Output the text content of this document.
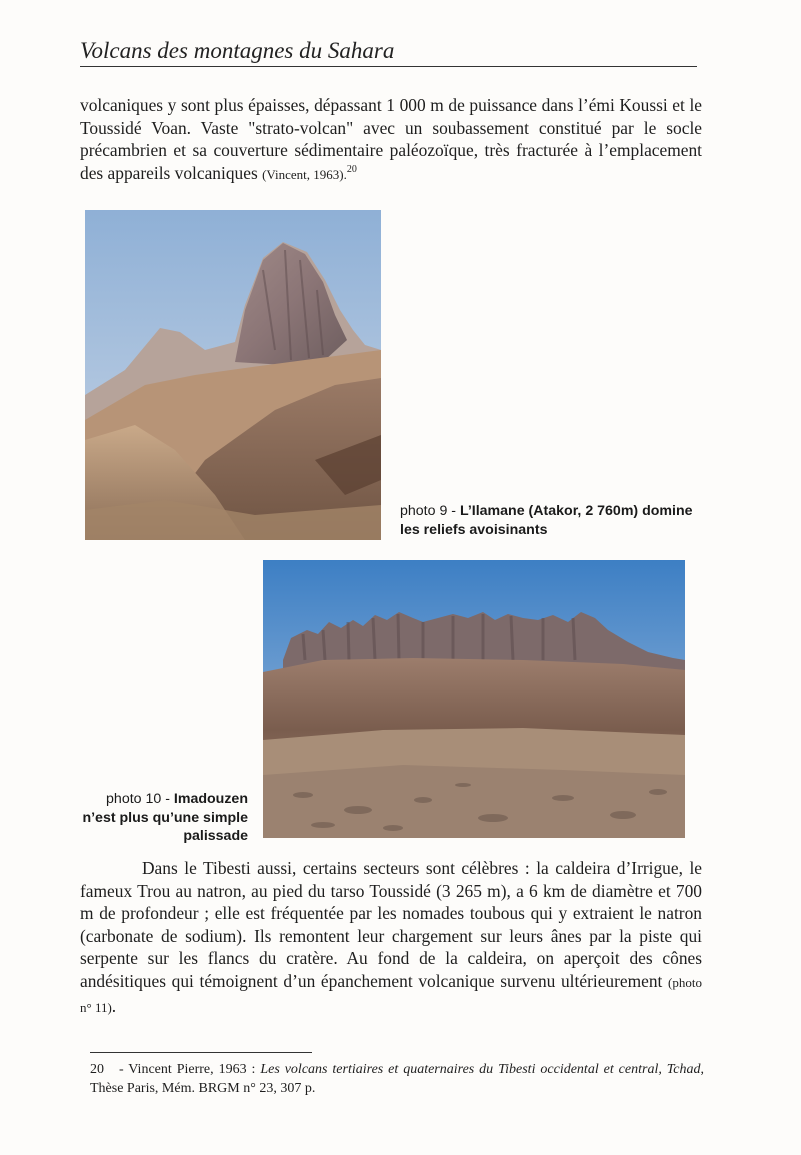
Volcans des montagnes du Sahara

volcaniques y sont plus épaisses, dépassant 1 000 m de puissance dans l’émi Koussi et le Toussidé Voan. Vaste "strato-volcan" avec un soubassement constitué par le socle précambrien et sa couverture sédimentaire paléozoïque, très fracturée à l’emplacement des appareils volcaniques (Vincent, 1963).$^{20}$

photo 9 - L’Ilamane (Atakor, 2 760m) domine les reliefs avoisinants
photo 10 - Imadouzen n’est plus qu’une simple palissade

Dans le Tibesti aussi, certains secteurs sont célèbres : la caldeira d’Irrigue, le fameux Trou au natron, au pied du tarso Toussidé (3 265 m), a 6 km de diamètre et 700 m de profondeur ; elle est fréquentée par les nomades toubous qui y extraient le natron (carbonate de sodium). Ils remontent leur chargement sur leurs ânes par la piste qui serpente sur les flancs du cratère. Au fond de la caldeira, on aperçoit des cônes andésitiques qui témoignent d’un épanchement volcanique survenu ultérieurement (photo n° 11).

20 - Vincent Pierre, 1963 : Les volcans tertiaires et quaternaires du Tibesti occidental et central, Tchad, Thèse Paris, Mém. BRGM n° 23, 307 p.
